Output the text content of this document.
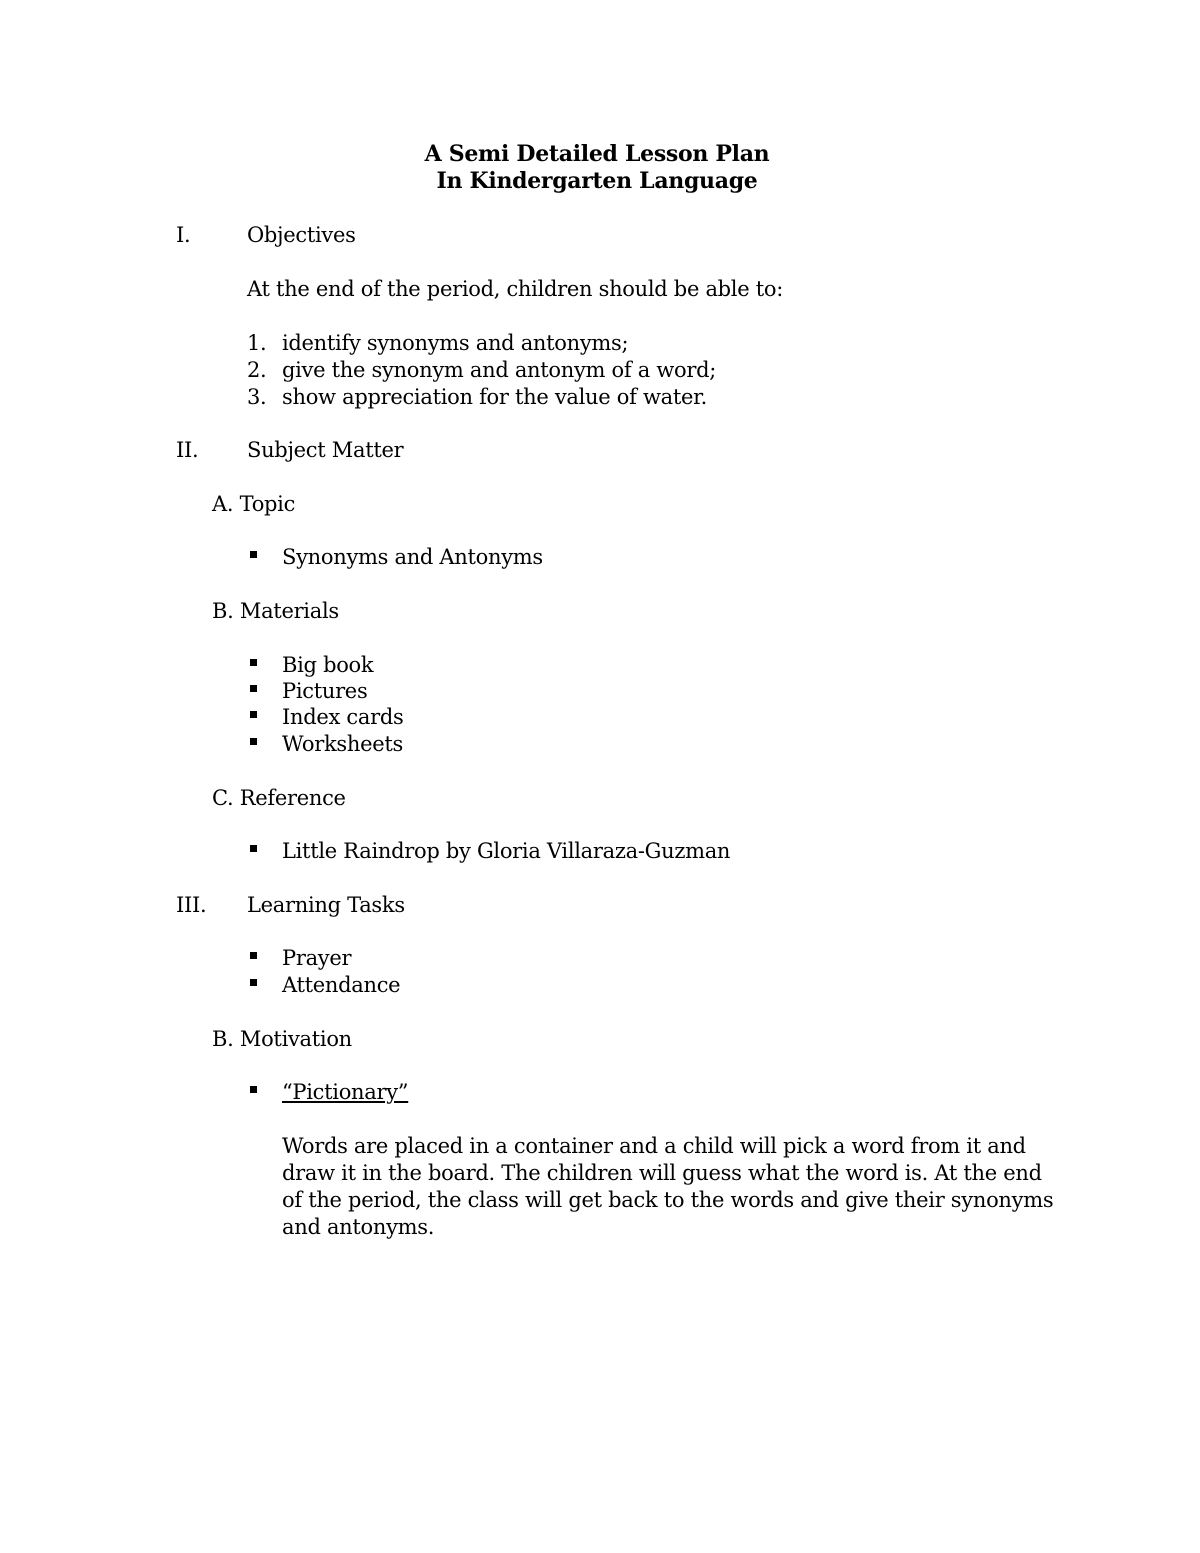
A Semi Detailed Lesson Plan
In Kindergarten Language
I.	Objectives
At the end of the period, children should be able to:
1. identify synonyms and antonyms;
2. give the synonym and antonym of a word;
3. show appreciation for the value of water.
II. Subject Matter
A. Topic
Synonyms and Antonyms
B. Materials
Big book
Pictures
Index cards
Worksheets
C. Reference
Little Raindrop by Gloria Villaraza-Guzman
III. Learning Tasks
Prayer
Attendance
B. Motivation
“Pictionary”
Words are placed in a container and a child will pick a word from it and
draw it in the board. The children will guess what the word is. At the end
of the period, the class will get back to the words and give their synonyms
and antonyms.
